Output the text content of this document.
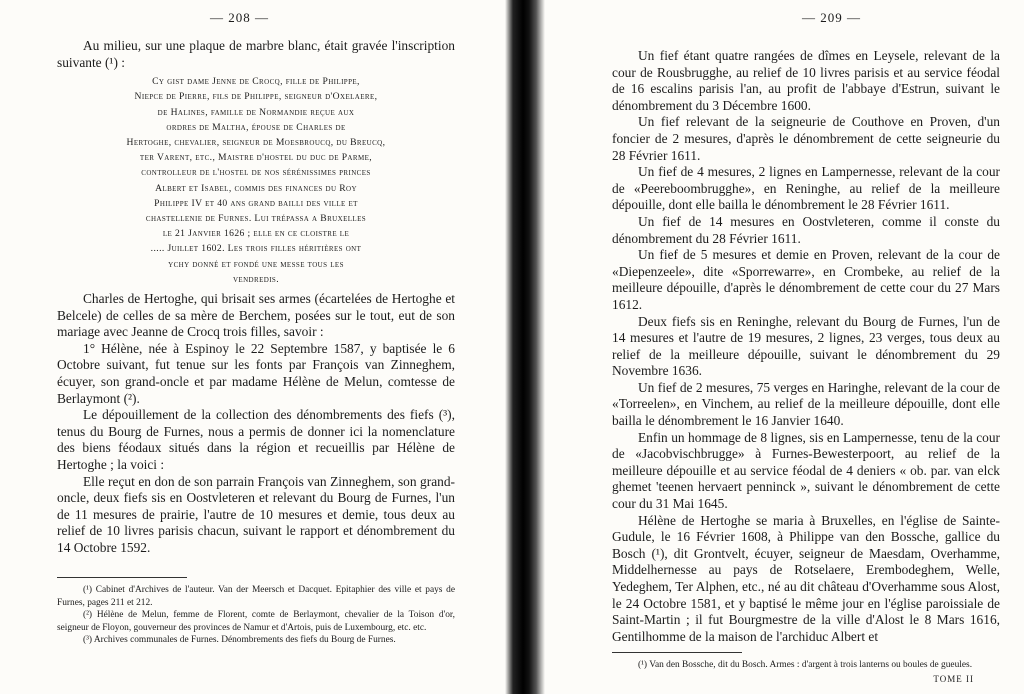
— 208 —

Au milieu, sur une plaque de marbre blanc, était gravée l'inscription suivante (¹) :

Cy gist dame Jenne de Crocq, fille de Philippe,
Niepce de Pierre, fils de Philippe, seigneur d'Oxelaere,
de Halines, famille de Normandie reçue aux
ordres de Maltha, épouse de Charles de
Hertoghe, chevalier, seigneur de Moesbroucq, du Breucq,
ter Varent, etc., Maistre d'hostel du duc de Parme,
controlleur de l'hostel de nos sérénissimes princes
Albert et Isabel, commis des finances du Roy
Philippe IV et 40 ans grand bailli des ville et
chastellenie de Furnes. Lui trépassa a Bruxelles
le 21 Janvier 1626 ; elle en ce cloistre le
..... Juillet 1602. Les trois filles héritières ont
ychy donné et fondé une messe tous les
vendredis.

Charles de Hertoghe, qui brisait ses armes (écartelées de Hertoghe et Belcele) de celles de sa mère de Berchem, posées sur le tout, eut de son mariage avec Jeanne de Crocq trois filles, savoir :

1° Hélène, née à Espinoy le 22 Septembre 1587, y baptisée le 6 Octobre suivant, fut tenue sur les fonts par François van Zinneghem, écuyer, son grand-oncle et par madame Hélène de Melun, comtesse de Berlaymont (²).

Le dépouillement de la collection des dénombrements des fiefs (³), tenus du Bourg de Furnes, nous a permis de donner ici la nomenclature des biens féodaux situés dans la région et recueillis par Hélène de Hertoghe ; la voici :

Elle reçut en don de son parrain François van Zinneghem, son grand-oncle, deux fiefs sis en Oostvleteren et relevant du Bourg de Furnes, l'un de 11 mesures de prairie, l'autre de 10 mesures et demie, tous deux au relief de 10 livres parisis chacun, suivant le rapport et dénombrement du 14 Octobre 1592.

(¹) Cabinet d'Archives de l'auteur. Van der Meersch et Dacquet. Epitaphier des ville et pays de Furnes, pages 211 et 212.

(²) Hélène de Melun, femme de Florent, comte de Berlaymont, chevalier de la Toison d'or, seigneur de Floyon, gouverneur des provinces de Namur et d'Artois, puis de Luxembourg, etc. etc.

(³) Archives communales de Furnes. Dénombrements des fiefs du Bourg de Furnes.

— 209 —

Un fief étant quatre rangées de dîmes en Leysele, relevant de la cour de Rousbrugghe, au relief de 10 livres parisis et au service féodal de 16 escalins parisis l'an, au profit de l'abbaye d'Estrun, suivant le dénombrement du 3 Décembre 1600.

Un fief relevant de la seigneurie de Couthove en Proven, d'un foncier de 2 mesures, d'après le dénombrement de cette seigneurie du 28 Février 1611.

Un fief de 4 mesures, 2 lignes en Lampernesse, relevant de la cour de «Peereboombrugghe», en Reninghe, au relief de la meilleure dépouille, dont elle bailla le dénombrement le 28 Février 1611.

Un fief de 14 mesures en Oostvleteren, comme il conste du dénombrement du 28 Février 1611.

Un fief de 5 mesures et demie en Proven, relevant de la cour de «Diepenzeele», dite «Sporrewarre», en Crombeke, au relief de la meilleure dépouille, d'après le dénombrement de cette cour du 27 Mars 1612.

Deux fiefs sis en Reninghe, relevant du Bourg de Furnes, l'un de 14 mesures et l'autre de 19 mesures, 2 lignes, 23 verges, tous deux au relief de la meilleure dépouille, suivant le dénombrement du 29 Novembre 1636.

Un fief de 2 mesures, 75 verges en Haringhe, relevant de la cour de «Torreelen», en Vinchem, au relief de la meilleure dépouille, dont elle bailla le dénombrement le 16 Janvier 1640.

Enfin un hommage de 8 lignes, sis en Lampernesse, tenu de la cour de «Jacobvischbrugge» à Furnes-Bewesterpoort, au relief de la meilleure dépouille et au service féodal de 4 deniers « ob. par. van elck ghemet 'teenen hervaert penninck », suivant le dénombrement de cette cour du 31 Mai 1645.

Hélène de Hertoghe se maria à Bruxelles, en l'église de Sainte-Gudule, le 16 Février 1608, à Philippe van den Bossche, gallice du Bosch (¹), dit Grontvelt, écuyer, seigneur de Maesdam, Overhamme, Middelhernesse au pays de Rotselaere, Erembodeghem, Welle, Yedeghem, Ter Alphen, etc., né au dit château d'Overhamme sous Alost, le 24 Octobre 1581, et y baptisé le même jour en l'église paroissiale de Saint-Martin ; il fut Bourgmestre de la ville d'Alost le 8 Mars 1616, Gentilhomme de la maison de l'archiduc Albert et

(¹) Van den Bossche, dit du Bosch. Armes : d'argent à trois lanterns ou boules de gueules.

TOME II
